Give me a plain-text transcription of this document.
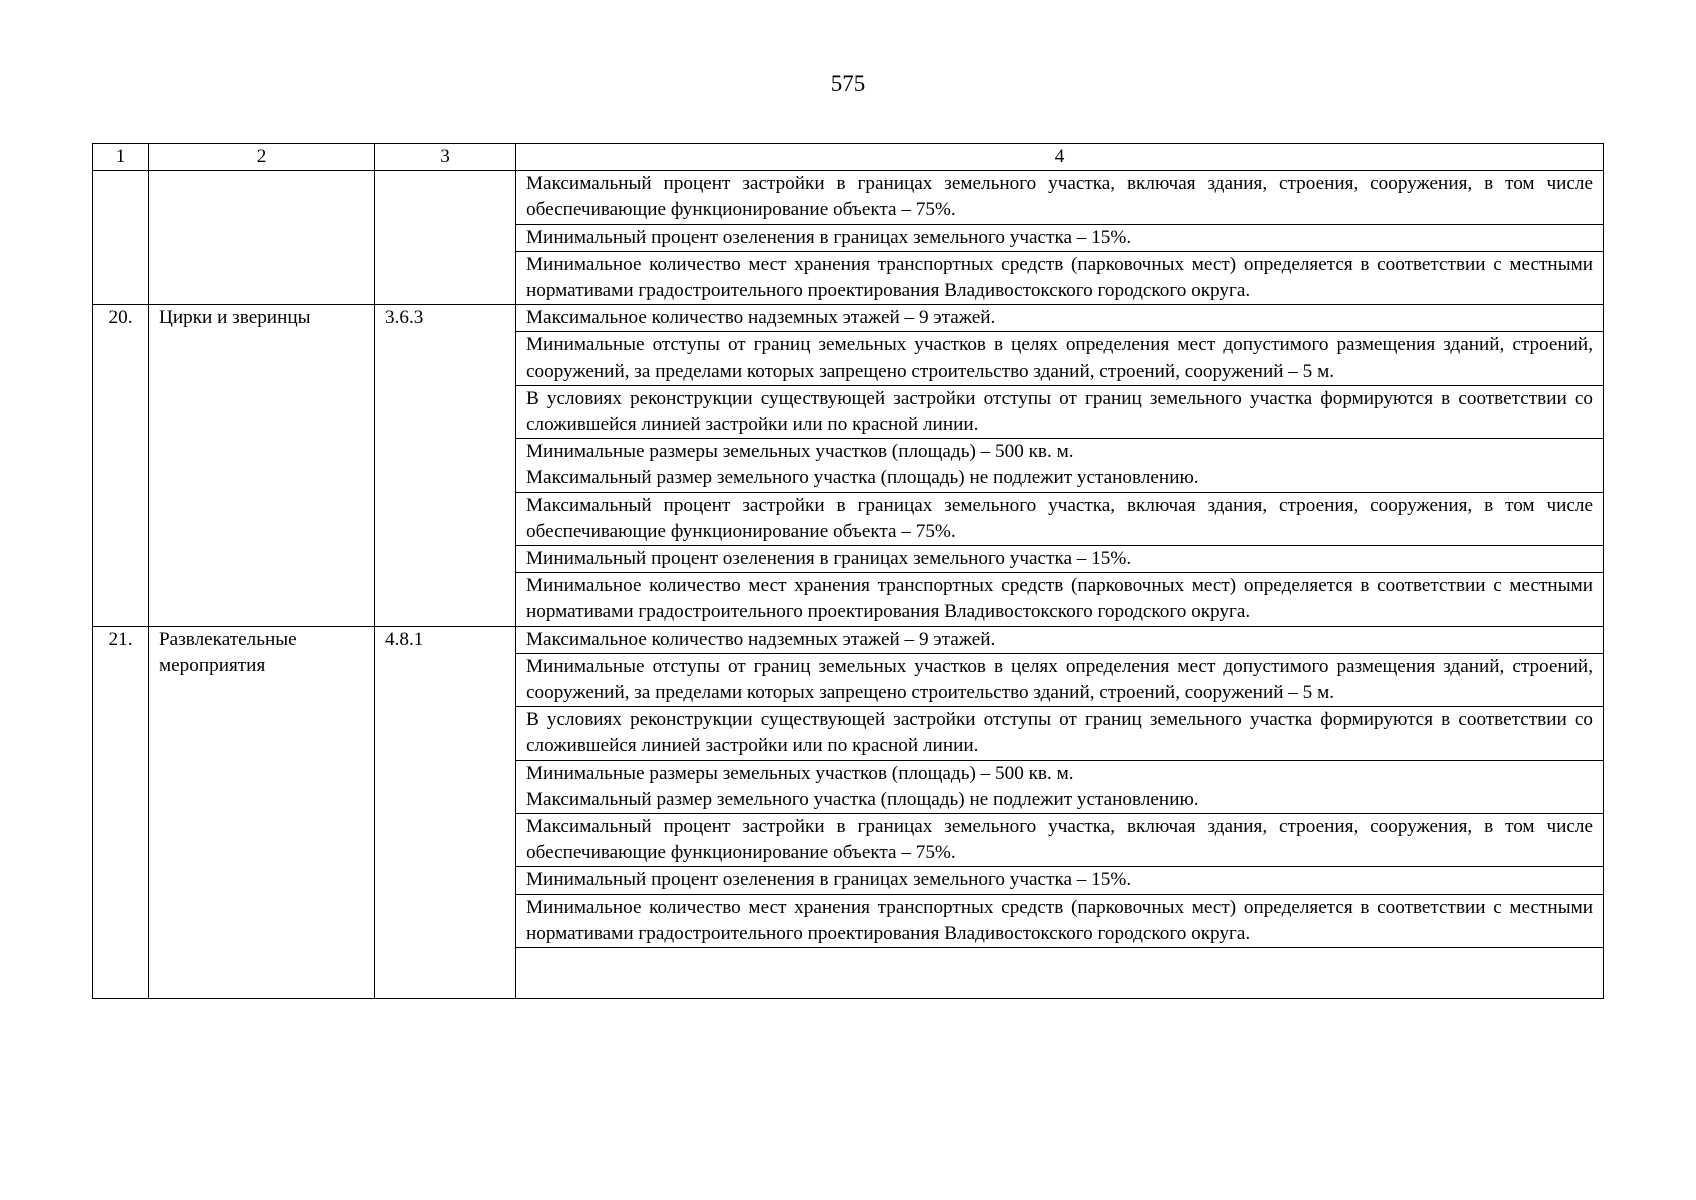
575
1	2	3	4
			Максимальный процент застройки в границах земельного участка, включая здания, строения, сооружения, в том числе обеспечивающие функционирование объекта – 75%.
			Минимальный процент озеленения в границах земельного участка – 15%.
			Минимальное количество мест хранения транспортных средств (парковочных мест) определяется в соответствии с местными нормативами градостроительного проектирования Владивостокского городского округа.
20.	Цирки и зверинцы	3.6.3	Максимальное количество надземных этажей – 9 этажей.
			Минимальные отступы от границ земельных участков в целях определения мест допустимого размещения зданий, строений, сооружений, за пределами которых запрещено строительство зданий, строений, сооружений – 5 м.
			В условиях реконструкции существующей застройки отступы от границ земельного участка формируются в соответствии со сложившейся линией застройки или по красной линии.
			Минимальные размеры земельных участков (площадь) – 500 кв. м.
Максимальный размер земельного участка (площадь) не подлежит установлению.
			Максимальный процент застройки в границах земельного участка, включая здания, строения, сооружения, в том числе обеспечивающие функционирование объекта – 75%.
			Минимальный процент озеленения в границах земельного участка – 15%.
			Минимальное количество мест хранения транспортных средств (парковочных мест) определяется в соответствии с местными нормативами градостроительного проектирования Владивостокского городского округа.
21.	Развлекательные мероприятия	4.8.1	Максимальное количество надземных этажей – 9 этажей.
			Минимальные отступы от границ земельных участков в целях определения мест допустимого размещения зданий, строений, сооружений, за пределами которых запрещено строительство зданий, строений, сооружений – 5 м.
			В условиях реконструкции существующей застройки отступы от границ земельного участка формируются в соответствии со сложившейся линией застройки или по красной линии.
			Минимальные размеры земельных участков (площадь) – 500 кв. м.
Максимальный размер земельного участка (площадь) не подлежит установлению.
			Максимальный процент застройки в границах земельного участка, включая здания, строения, сооружения, в том числе обеспечивающие функционирование объекта – 75%.
			Минимальный процент озеленения в границах земельного участка – 15%.
			Минимальное количество мест хранения транспортных средств (парковочных мест) определяется в соответствии с местными нормативами градостроительного проектирования Владивостокского городского округа.
